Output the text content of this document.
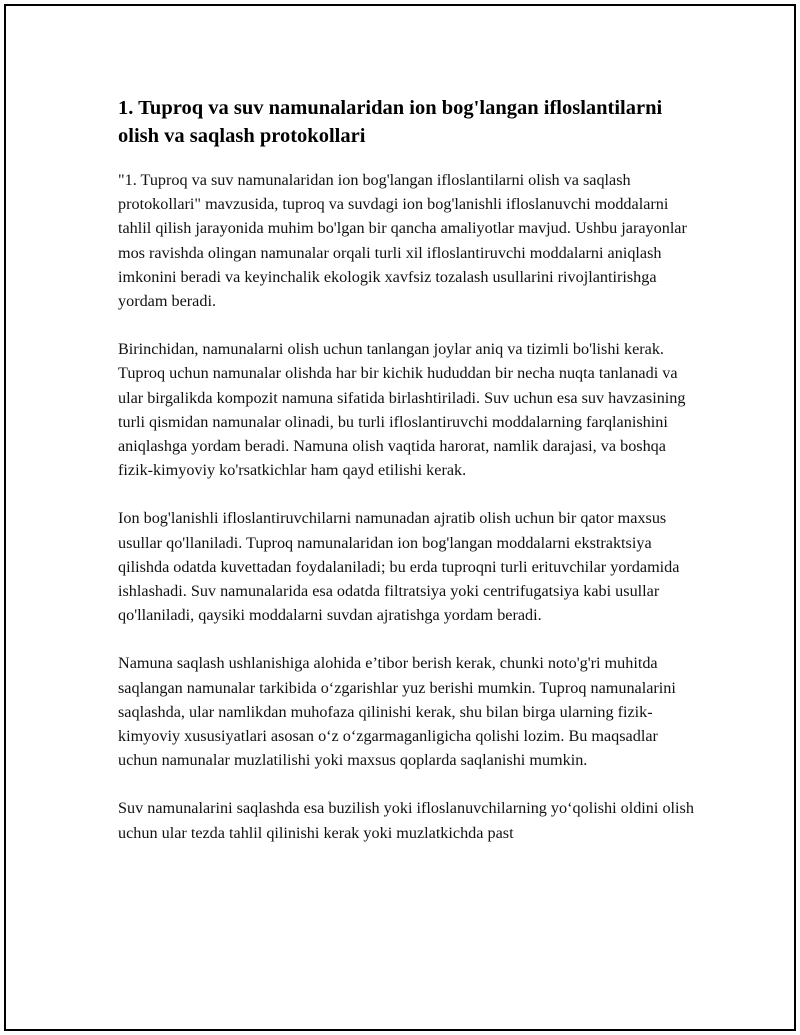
1. Tuproq va suv namunalaridan ion bog'langan ifloslantilarni olish va saqlash protokollari

"1. Tuproq va suv namunalaridan ion bog'langan ifloslantilarni olish va saqlash protokollari" mavzusida, tuproq va suvdagi ion bog'lanishli ifloslanuvchi moddalarni tahlil qilish jarayonida muhim bo'lgan bir qancha amaliyotlar mavjud. Ushbu jarayonlar mos ravishda olingan namunalar orqali turli xil ifloslantiruvchi moddalarni aniqlash imkonini beradi va keyinchalik ekologik xavfsiz tozalash usullarini rivojlantirishga yordam beradi.

Birinchidan, namunalarni olish uchun tanlangan joylar aniq va tizimli bo'lishi kerak. Tuproq uchun namunalar olishda har bir kichik hududdan bir necha nuqta tanlanadi va ular birgalikda kompozit namuna sifatida birlashtiriladi. Suv uchun esa suv havzasining turli qismidan namunalar olinadi, bu turli ifloslantiruvchi moddalarning farqlanishini aniqlashga yordam beradi. Namuna olish vaqtida harorat, namlik darajasi, va boshqa fizik-kimyoviy ko'rsatkichlar ham qayd etilishi kerak.

Ion bog'lanishli ifloslantiruvchilarni namunadan ajratib olish uchun bir qator maxsus usullar qo'llaniladi. Tuproq namunalaridan ion bog'langan moddalarni ekstraktsiya qilishda odatda kuvettadan foydalaniladi; bu erda tuproqni turli erituvchilar yordamida ishlashadi. Suv namunalarida esa odatda filtratsiya yoki centrifugatsiya kabi usullar qo'llaniladi, qaysiki moddalarni suvdan ajratishga yordam beradi.

Namuna saqlash ushlanishiga alohida e’tibor berish kerak, chunki noto'g'ri muhitda saqlangan namunalar tarkibida o‘zgarishlar yuz berishi mumkin. Tuproq namunalarini saqlashda, ular namlikdan muhofaza qilinishi kerak, shu bilan birga ularning fizik-kimyoviy xususiyatlari asosan o‘z o‘zgarmaganligicha qolishi lozim. Bu maqsadlar uchun namunalar muzlatilishi yoki maxsus qoplarda saqlanishi mumkin.

Suv namunalarini saqlashda esa buzilish yoki ifloslanuvchilarning yo‘qolishi oldini olish uchun ular tezda tahlil qilinishi kerak yoki muzlatkichda past
